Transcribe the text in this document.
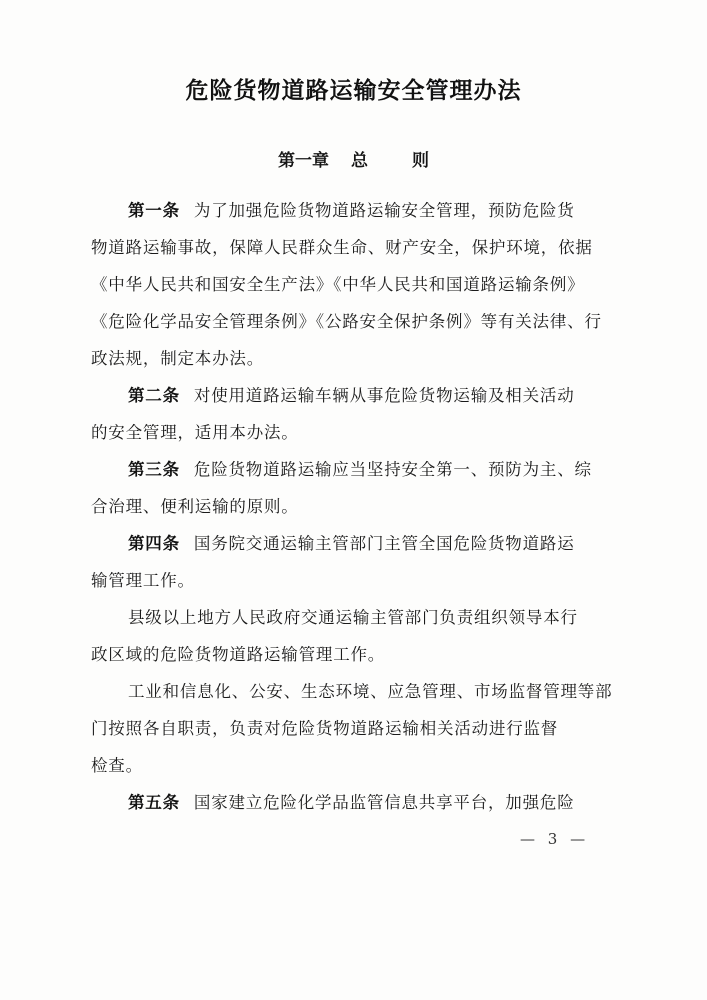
危险货物道路运输安全管理办法
第一章 总	则
第一条 为了加强危险货物道路运输安全管理，预防危险货
物道路运输事故，保障人民群众生命、财产安全，保护环境，依据
《中华人民共和国安全生产法》《中华人民共和国道路运输条例》
《危险化学品安全管理条例》《公路安全保护条例》等有关法律、行
政法规，制定本办法。
第二条 对使用道路运输车辆从事危险货物运输及相关活动
的安全管理，适用本办法。
第三条 危险货物道路运输应当坚持安全第一、预防为主、综
合治理、便利运输的原则。
第四条 国务院交通运输主管部门主管全国危险货物道路运
输管理工作。
县级以上地方人民政府交通运输主管部门负责组织领导本行
政区域的危险货物道路运输管理工作。
工业和信息化、公安、生态环境、应急管理、市场监督管理等部
门按照各自职责，负责对危险货物道路运输相关活动进行监督
检查。
第五条 国家建立危险化学品监管信息共享平台，加强危险
— 3 —
